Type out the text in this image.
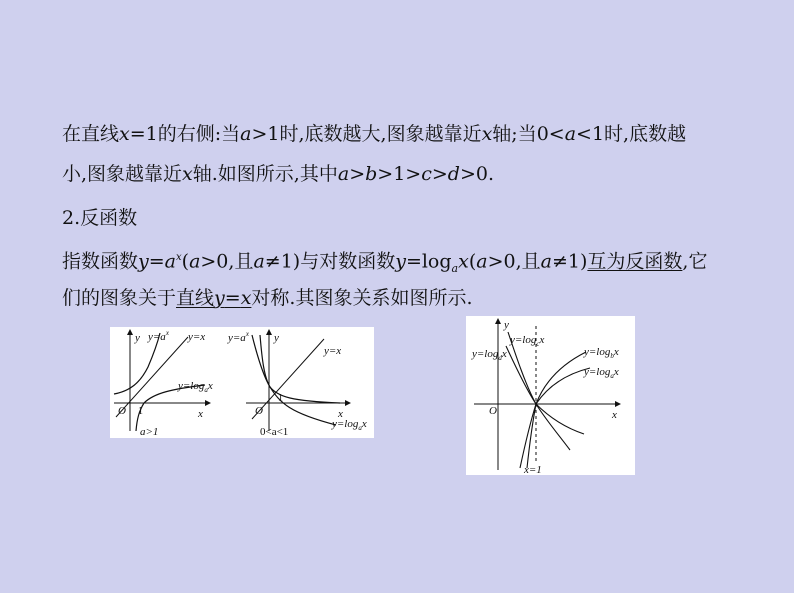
在直线x=1的右侧:当a>1时,底数越大,图象越靠近x轴;当0<a<1时,底数越
小,图象越靠近x轴.如图所示,其中a>b>1>c>d>0.
2.反函数
指数函数$y=a^x(a>0$,且a≠1)与对数函数$y=\log_ax(a>0$,且a≠1)互为反函数,它
们的图象关于直线y=x对称.其图象关系如图所示.
y $y=a^x$ y=x
$y=\log_ax$
x
O 1
a>1
y
$y=a^x$
y=x
$y=\log_ax$
x
O
1
0<a<1
y
x
O
x=1
$y=\log_cx$
$y=\log_dx$	$y=\log_bx$
$y=\log_ax$
